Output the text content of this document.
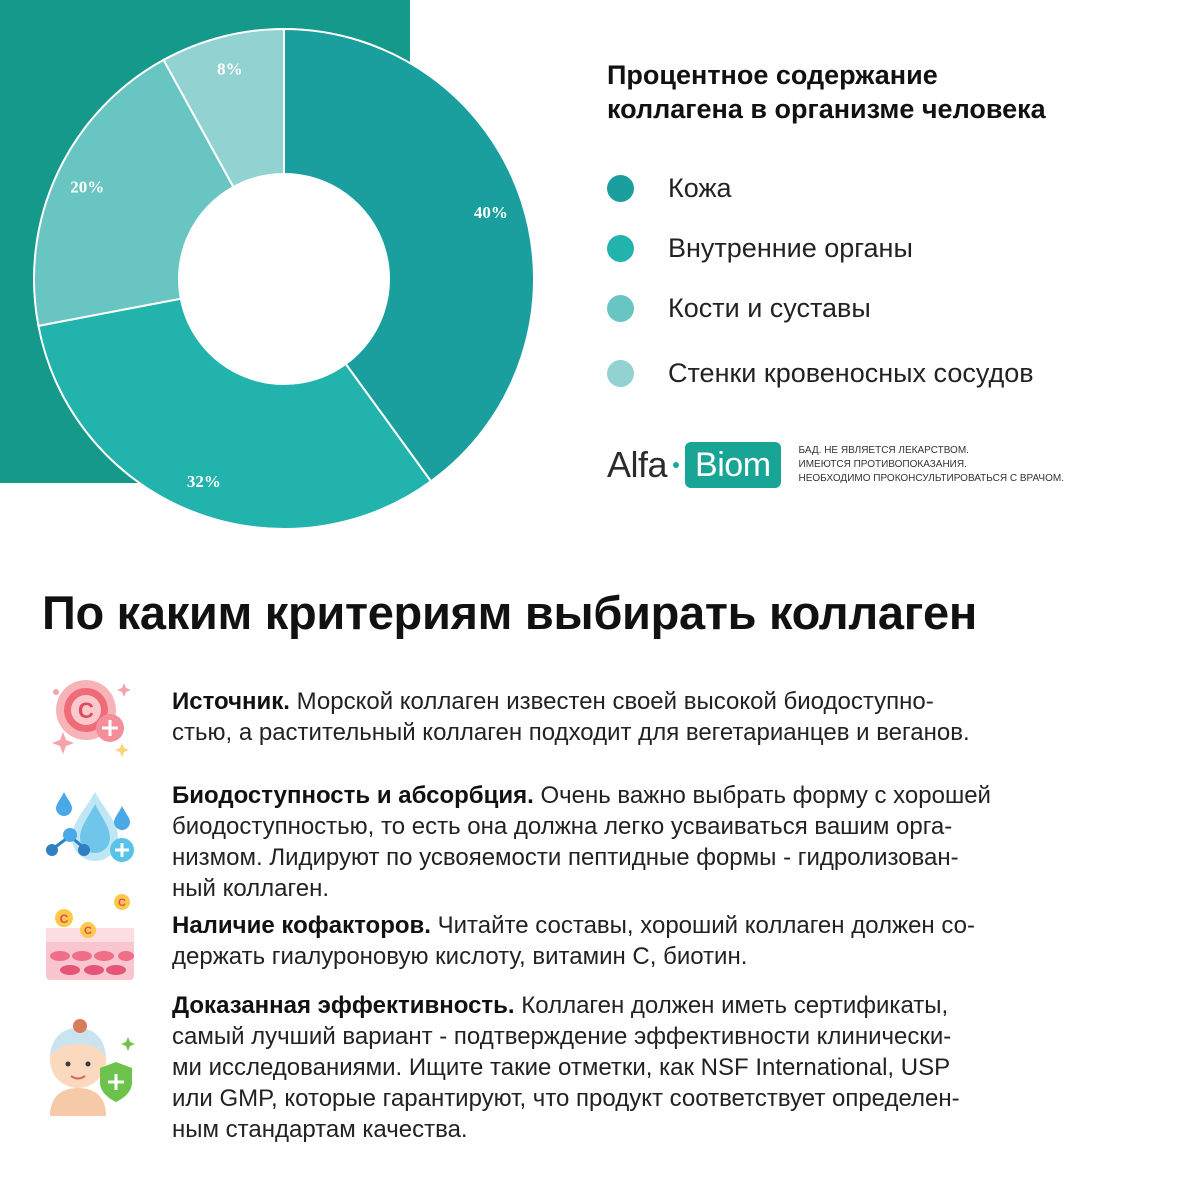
40%
32%
20%
8%	Процентное содержание
коллагена в организме человека
Кожа
Внутренние органы
Кости и суставы
Стенки кровеносных сосудов
Alfa Biom	БАД. НЕ ЯВЛЯЕТСЯ ЛЕКАРСТВОМ.
ИМЕЮТСЯ ПРОТИВОПОКАЗАНИЯ.
НЕОБХОДИМО ПРОКОНСУЛЬТИРОВАТЬСЯ С ВРАЧОМ.
По каким критериям выбирать коллаген
C	Источник. Морской коллаген известен своей высокой биодоступно-
стью, а растительный коллаген подходит для вегетарианцев и веганов.
Биодоступность и абсорбция. Очень важно выбрать форму с хорошей
биодоступностью, то есть она должна легко усваиваться вашим орга-
низмом. Лидируют по усвояемости пептидные формы - гидролизован-
ный коллаген.
C
C
C
Наличие кофакторов. Читайте составы, хороший коллаген должен со-
держать гиалуроновую кислоту, витамин C, биотин.
Доказанная эффективность. Коллаген должен иметь сертификаты,
самый лучший вариант - подтверждение эффективности клинически-
ми исследованиями. Ищите такие отметки, как NSF International, USP
или GMP, которые гарантируют, что продукт соответствует определен-
ным стандартам качества.
